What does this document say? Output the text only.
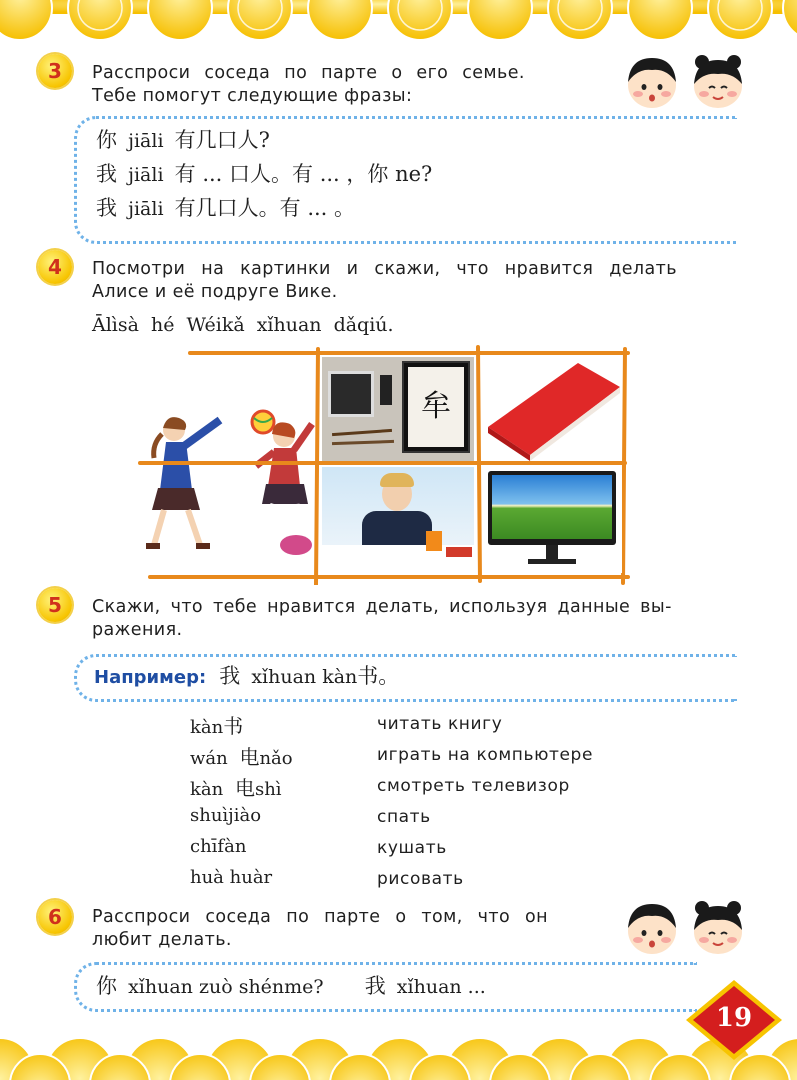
3	Расспроси соседа по парте о его семье.
Тебе помогут следующие фразы:
你 jiāli 有几口人?
我 jiāli 有 ... 口人。有 ... ，你 ne?
我 jiāli 有几口人。有 ... 。
4	Посмотри на картинки и скажи, что нравится делать
Алисе и её подруге Вике.
Ālìsà hé Wéikǎ xǐhuan dǎqiú.
牟
5	Скажи, что тебе нравится делать, используя данные вы-
ражения.
Например: 我 xǐhuan kàn书。
kàn书	читать книгу
wán 电nǎo	играть на компьютере
kàn 电shì	смотреть телевизор
shuìjiào	спать
chīfàn	кушать
huà huàr	рисовать
6	Расспроси соседа по парте о том, что он
любит делать.
你 xǐhuan zuò shénme? 我 xǐhuan ...
19
